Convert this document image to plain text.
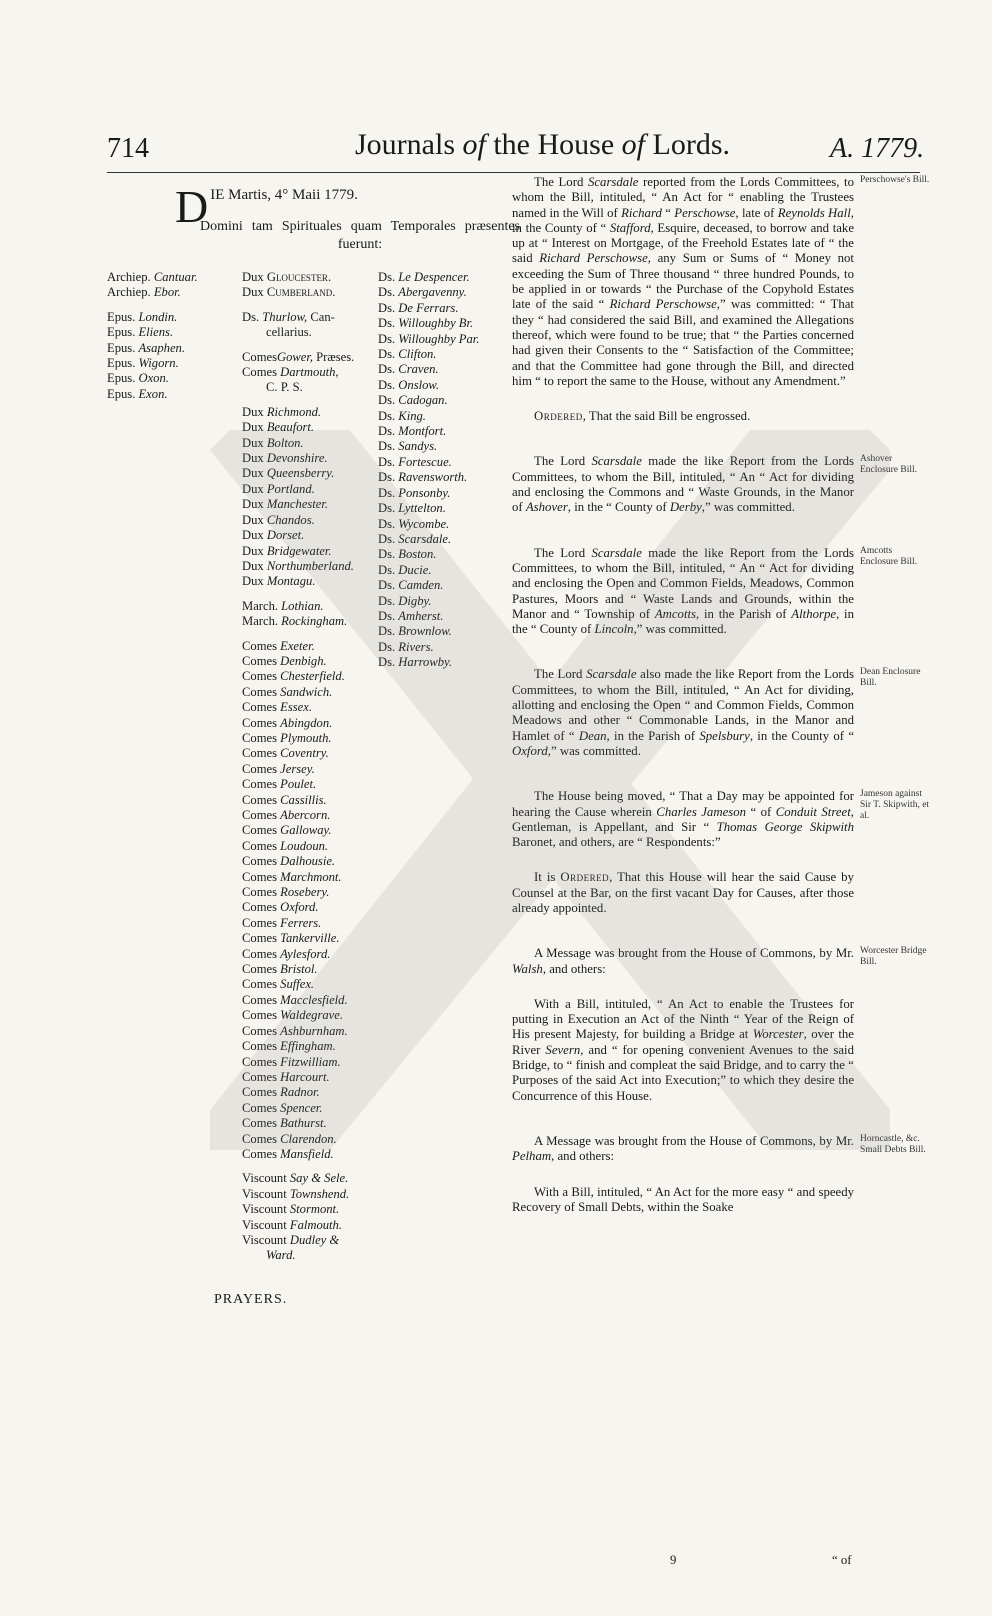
714	Journals of the House of Lords.	A. 1779.
D IE Martis, 4° Maii 1779.
Domini tam Spirituales quam Temporales præsentes fuerunt:
Archiep. Cantuar.
Archiep. Ebor.
Epus. Londin.
Epus. Eliens.
Epus. Asaphen.
Epus. Wigorn.
Epus. Oxon.
Epus. Exon.
Dux Gloucester.
Dux Cumberland.
Ds. Thurlow, Can-
cellarius.
ComesGower, Præses.
Comes Dartmouth,
C. P. S.
Dux Richmond.
Dux Beaufort.
Dux Bolton.
Dux Devonshire.
Dux Queensberry.
Dux Portland.
Dux Manchester.
Dux Chandos.
Dux Dorset.
Dux Bridgewater.
Dux Northumberland.
Dux Montagu.
March. Lothian.
March. Rockingham.
Comes Exeter.
Comes Denbigh.
Comes Chesterfield.
Comes Sandwich.
Comes Essex.
Comes Abingdon.
Comes Plymouth.
Comes Coventry.
Comes Jersey.
Comes Poulet.
Comes Cassillis.
Comes Abercorn.
Comes Galloway.
Comes Loudoun.
Comes Dalhousie.
Comes Marchmont.
Comes Rosebery.
Comes Oxford.
Comes Ferrers.
Comes Tankerville.
Comes Aylesford.
Comes Bristol.
Comes Suffex.
Comes Macclesfield.
Comes Waldegrave.
Comes Ashburnham.
Comes Effingham.
Comes Fitzwilliam.
Comes Harcourt.
Comes Radnor.
Comes Spencer.
Comes Bathurst.
Comes Clarendon.
Comes Mansfield.
Viscount Say & Sele.
Viscount Townshend.
Viscount Stormont.
Viscount Falmouth.
Viscount Dudley &
Ward.
Ds. Le Despencer.
Ds. Abergavenny.
Ds. De Ferrars.
Ds. Willoughby Br.
Ds. Willoughby Par.
Ds. Clifton.
Ds. Craven.
Ds. Onslow.
Ds. Cadogan.
Ds. King.
Ds. Montfort.
Ds. Sandys.
Ds. Fortescue.
Ds. Ravensworth.
Ds. Ponsonby.
Ds. Lyttelton.
Ds. Wycombe.
Ds. Scarsdale.
Ds. Boston.
Ds. Ducie.
Ds. Camden.
Ds. Digby.
Ds. Amherst.
Ds. Brownlow.
Ds. Rivers.
Ds. Harrowby.
PRAYERS.

The Lord Scarsdale reported from the Lords Committees, to whom the Bill, intituled, “ An Act for “ enabling the Trustees named in the Will of Richard “ Perschowse, late of Reynolds Hall, in the County of “ Stafford, Esquire, deceased, to borrow and take up at “ Interest on Mortgage, of the Freehold Estates late of “ the said Richard Perschowse, any Sum or Sums of “ Money not exceeding the Sum of Three thousand “ three hundred Pounds, to be applied in or towards “ the Purchase of the Copyhold Estates late of the said “ Richard Perschowse,” was committed: “ That they “ had considered the said Bill, and examined the Allegations thereof, which were found to be true; that “ the Parties concerned had given their Consents to the “ Satisfaction of the Committee; and that the Committee had gone through the Bill, and directed him “ to report the same to the House, without any Amendment.”

Ordered, That the said Bill be engrossed.

The Lord Scarsdale made the like Report from the Lords Committees, to whom the Bill, intituled, “ An “ Act for dividing and enclosing the Commons and “ Waste Grounds, in the Manor of Ashover, in the “ County of Derby,” was committed.

The Lord Scarsdale made the like Report from the Lords Committees, to whom the Bill, intituled, “ An “ Act for dividing and enclosing the Open and Common Fields, Meadows, Common Pastures, Moors and “ Waste Lands and Grounds, within the Manor and “ Township of Amcotts, in the Parish of Althorpe, in the “ County of Lincoln,” was committed.

The Lord Scarsdale also made the like Report from the Lords Committees, to whom the Bill, intituled, “ An Act for dividing, allotting and enclosing the Open “ and Common Fields, Common Meadows and other “ Commonable Lands, in the Manor and Hamlet of “ Dean, in the Parish of Spelsbury, in the County of “ Oxford,” was committed.

The House being moved, “ That a Day may be appointed for hearing the Cause wherein Charles Jameson “ of Conduit Street, Gentleman, is Appellant, and Sir “ Thomas George Skipwith Baronet, and others, are “ Respondents:”

It is Ordered, That this House will hear the said Cause by Counsel at the Bar, on the first vacant Day for Causes, after those already appointed.

A Message was brought from the House of Commons, by Mr. Walsh, and others:

With a Bill, intituled, “ An Act to enable the Trustees for putting in Execution an Act of the Ninth “ Year of the Reign of His present Majesty, for building a Bridge at Worcester, over the River Severn, and “ for opening convenient Avenues to the said Bridge, to “ finish and compleat the said Bridge, and to carry the “ Purposes of the said Act into Execution;” to which they desire the Concurrence of this House.

A Message was brought from the House of Commons, by Mr. Pelham, and others:

With a Bill, intituled, “ An Act for the more easy “ and speedy Recovery of Small Debts, within the Soake

Perschowse's Bill.
Ashover Enclosure Bill.
Amcotts Enclosure Bill.
Dean Enclosure Bill.
Jameson against Sir T. Skipwith, et al.
Worcester Bridge Bill.
Horncastle, &c. Small Debts Bill.
9	“ of
